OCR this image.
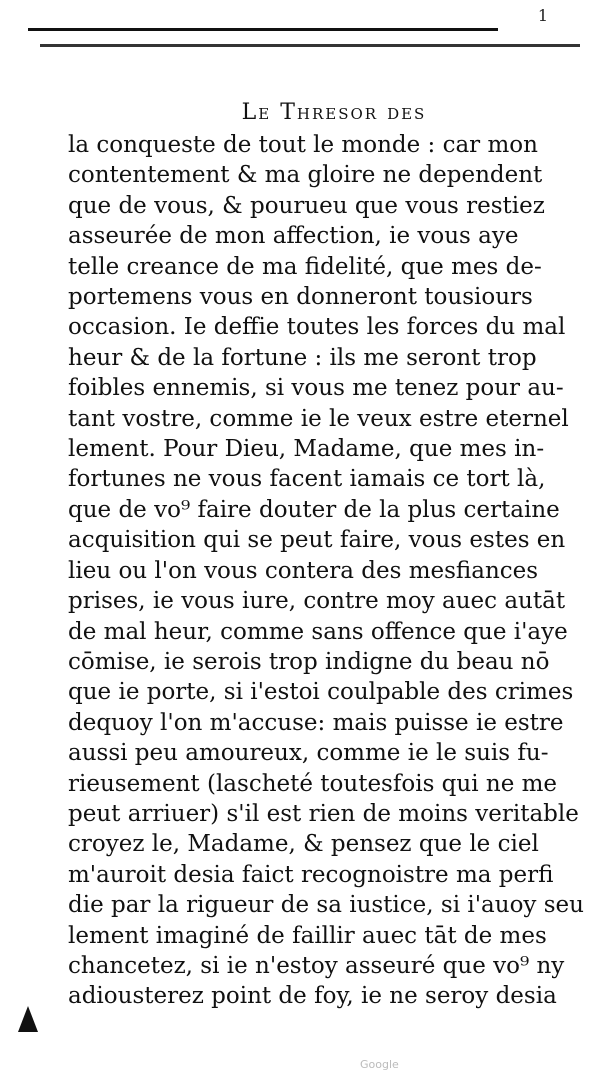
1
Le Thresor des
la conqueste de tout le monde : car mon
contentement & ma gloire ne dependent
que de vous, & pourueu que vous restiez
asseurée de mon affection, ie vous aye
telle creance de ma fidelité, que mes de-
portemens vous en donneront tousiours
occasion. Ie deffie toutes les forces du mal
heur & de la fortune : ils me seront trop
foibles ennemis, si vous me tenez pour au-
tant vostre, comme ie le veux estre eternel
lement. Pour Dieu, Madame, que mes in-
fortunes ne vous facent iamais ce tort là,
que de vo⁹ faire douter de la plus certaine
acquisition qui se peut faire, vous estes en
lieu ou l'on vous contera des mesfiances
prises, ie vous iure, contre moy auec autāt
de mal heur, comme sans offence que i'aye
cōmise, ie serois trop indigne du beau nō
que ie porte, si i'estoi coulpable des crimes
dequoy l'on m'accuse: mais puisse ie estre
aussi peu amoureux, comme ie le suis fu-
rieusement (lascheté toutesfois qui ne me
peut arriuer) s'il est rien de moins veritable
croyez le, Madame, & pensez que le ciel
m'auroit desia faict recognoistre ma perfi
die par la rigueur de sa iustice, si i'auoy seu
lement imaginé de faillir auec tāt de mes
chancetez, si ie n'estoy asseuré que vo⁹ ny
adiousterez point de foy, ie ne seroy desia
Google
